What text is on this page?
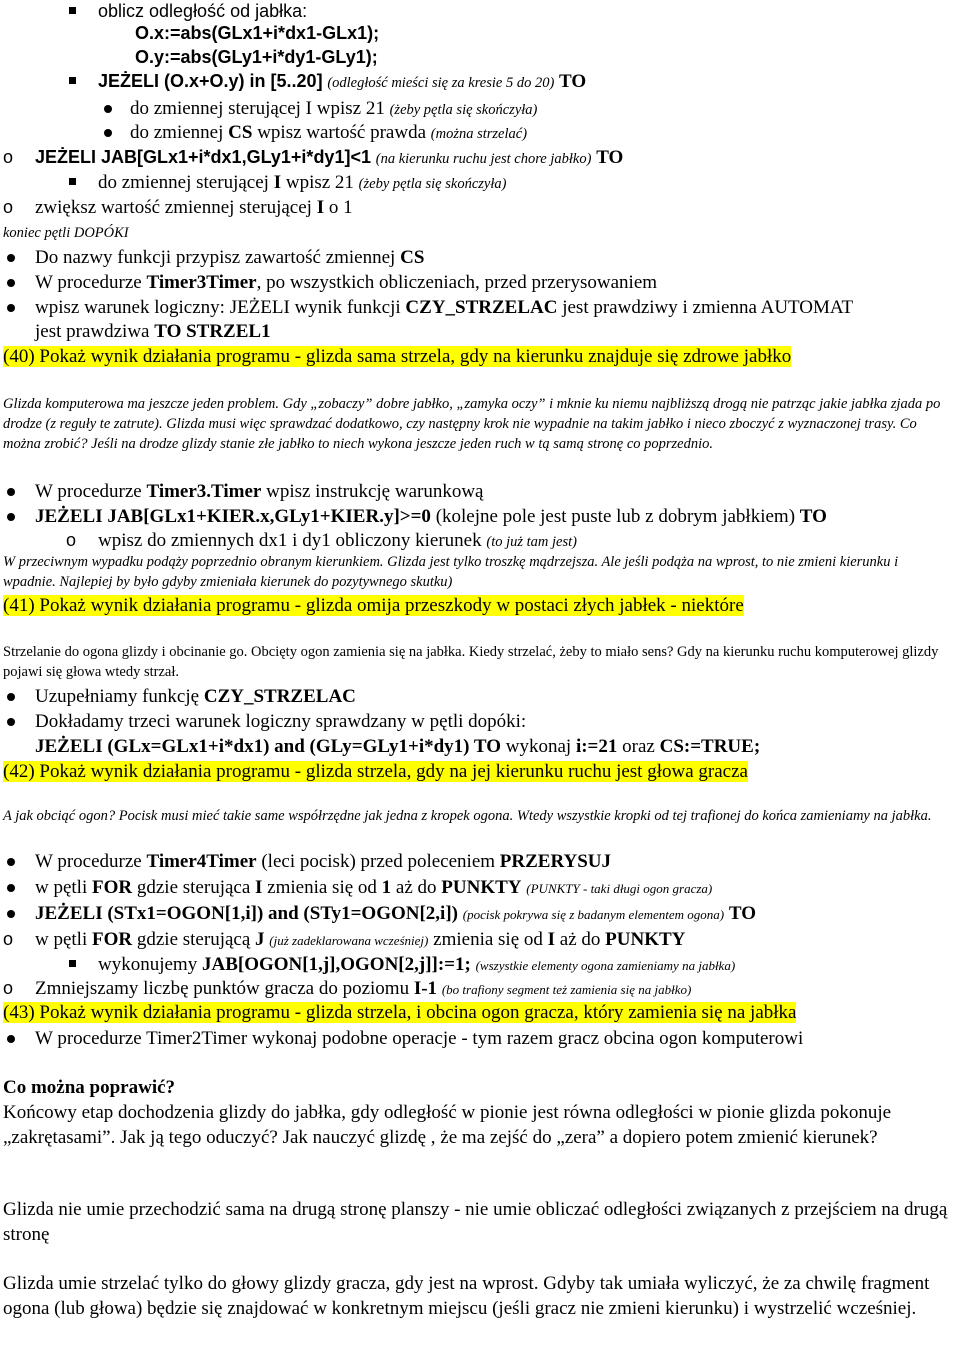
oblicz odległość od jabłka:
O.x:=abs(GLx1+i*dx1-GLx1);
O.y:=abs(GLy1+i*dy1-GLy1);
JEŻELI (O.x+O.y) in [5..20] (odległość mieści się za kresie 5 do 20) TO
do zmiennej sterującej I wpisz 21 (żeby pętla się skończyła)
do zmiennej CS wpisz wartość prawda (można strzelać)
o JEŻELI JAB[GLx1+i*dx1,GLy1+i*dy1]<1 (na kierunku ruchu jest chore jabłko) TO
do zmiennej sterującej I wpisz 21 (żeby pętla się skończyła)
o zwiększ wartość zmiennej sterującej I o 1
koniec pętli DOPÓKI
Do nazwy funkcji przypisz zawartość zmiennej CS
W procedurze Timer3Timer, po wszystkich obliczeniach, przed przerysowaniem
wpisz warunek logiczny: JEŻELI wynik funkcji CZY_STRZELAC jest prawdziwy i zmienna AUTOMAT
jest prawdziwa TO STRZEL1
(40) Pokaż wynik działania programu - glizda sama strzela, gdy na kierunku znajduje się zdrowe jabłko
Glizda komputerowa ma jeszcze jeden problem. Gdy „zobaczy” dobre jabłko, „zamyka oczy” i mknie ku niemu najbliższą drogą nie patrząc jakie jabłka zjada po drodze (z reguły te zatrute). Glizda musi więc sprawdzać dodatkowo, czy następny krok nie wypadnie na takim jabłko i nieco zboczyć z wyznaczonej trasy. Co można zrobić? Jeśli na drodze glizdy stanie złe jabłko to niech wykona jeszcze jeden ruch w tą samą stronę co poprzednio.
W procedurze Timer3.Timer wpisz instrukcję warunkową
JEŻELI JAB[GLx1+KIER.x,GLy1+KIER.y]>=0 (kolejne pole jest puste lub z dobrym jabłkiem) TO
o wpisz do zmiennych dx1 i dy1 obliczony kierunek (to już tam jest)
W przeciwnym wypadku podąży poprzednio obranym kierunkiem. Glizda jest tylko troszkę mądrzejsza. Ale jeśli podąża na wprost, to nie zmieni kierunku i wpadnie. Najlepiej by było gdyby zmieniała kierunek do pozytywnego skutku)
(41) Pokaż wynik działania programu - glizda omija przeszkody w postaci złych jabłek - niektóre
Strzelanie do ogona glizdy i obcinanie go. Obcięty ogon zamienia się na jabłka. Kiedy strzelać, żeby to miało sens? Gdy na kierunku ruchu komputerowej glizdy pojawi się głowa wtedy strzał.
Uzupełniamy funkcję CZY_STRZELAC
Dokładamy trzeci warunek logiczny sprawdzany w pętli dopóki:
JEŻELI (GLx=GLx1+i*dx1) and (GLy=GLy1+i*dy1) TO wykonaj i:=21 oraz CS:=TRUE;
(42) Pokaż wynik działania programu - glizda strzela, gdy na jej kierunku ruchu jest głowa gracza
A jak obciąć ogon? Pocisk musi mieć takie same współrzędne jak jedna z kropek ogona. Wtedy wszystkie kropki od tej trafionej do końca zamieniamy na jabłka.
W procedurze Timer4Timer (leci pocisk) przed poleceniem PRZERYSUJ
w pętli FOR gdzie sterująca I zmienia się od 1 aż do PUNKTY (PUNKTY - taki długi ogon gracza)
JEŻELI (STx1=OGON[1,i]) and (STy1=OGON[2,i]) (pocisk pokrywa się z badanym elementem ogona) TO
o w pętli FOR gdzie sterującą J (już zadeklarowana wcześniej) zmienia się od I aż do PUNKTY
wykonujemy JAB[OGON[1,j],OGON[2,j]]:=1; (wszystkie elementy ogona zamieniamy na jabłka)
o Zmniejszamy liczbę punktów gracza do poziomu I-1 (bo trafiony segment też zamienia się na jabłko)
(43) Pokaż wynik działania programu - glizda strzela, i obcina ogon gracza, który zamienia się na jabłka
W procedurze Timer2Timer wykonaj podobne operacje - tym razem gracz obcina ogon komputerowi
Co można poprawić?
Końcowy etap dochodzenia glizdy do jabłka, gdy odległość w pionie jest równa odległości w pionie glizda pokonuje „zakrętasami”. Jak ją tego oduczyć? Jak nauczyć glizdę , że ma zejść do „zera” a dopiero potem zmienić kierunek?
Glizda nie umie przechodzić sama na drugą stronę planszy - nie umie obliczać odległości związanych z przejściem na drugą stronę
Glizda umie strzelać tylko do głowy glizdy gracza, gdy jest na wprost. Gdyby tak umiała wyliczyć, że za chwilę fragment ogona (lub głowa) będzie się znajdować w konkretnym miejscu (jeśli gracz nie zmieni kierunku) i wystrzelić wcześniej.
